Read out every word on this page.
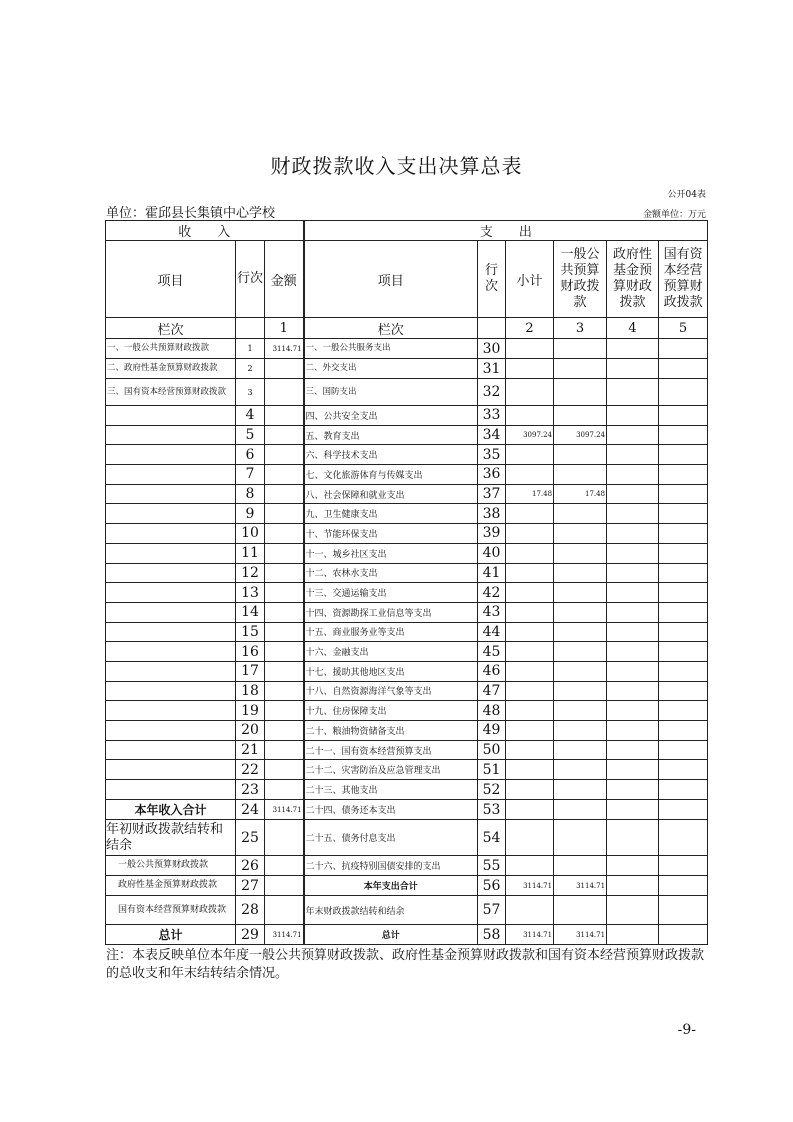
财政拨款收入支出决算总表
公开04表
单位：霍邱县长集镇中心学校	金额单位：万元
收　　入			支　　出					
项目	行次	金额	项目	行次	小计	一般公共预算财政拨款	政府性基金预算财政拨款	国有资本经营预算财政拨款
栏次		1	栏次		2	3	4	5
一、一般公共预算财政拨款	1	3114.71	一、一般公共服务支出	30				
二、政府性基金预算财政拨款	2		二、外交支出	31				
三、国有资本经营预算财政拨款	3		三、国防支出	32				
	4		四、公共安全支出	33				
	5		五、教育支出	34	3097.24	3097.24		
	6		六、科学技术支出	35				
	7		七、文化旅游体育与传媒支出	36				
	8		八、社会保障和就业支出	37	17.48	17.48		
	9		九、卫生健康支出	38				
	10		十、节能环保支出	39				
	11		十一、城乡社区支出	40				
	12		十二、农林水支出	41				
	13		十三、交通运输支出	42				
	14		十四、资源勘探工业信息等支出	43				
	15		十五、商业服务业等支出	44				
	16		十六、金融支出	45				
	17		十七、援助其他地区支出	46				
	18		十八、自然资源海洋气象等支出	47				
	19		十九、住房保障支出	48				
	20		二十、粮油物资储备支出	49				
	21		二十一、国有资本经营预算支出	50				
	22		二十二、灾害防治及应急管理支出	51				
	23		二十三、其他支出	52				
本年收入合计	24	3114.71	二十四、债务还本支出	53				
年初财政拨款结转和结余	25		二十五、债务付息支出	54				
一般公共预算财政拨款	26		二十六、抗疫特别国债安排的支出	55				
政府性基金预算财政拨款	27		本年支出合计	56	3114.71	3114.71		
国有资本经营预算财政拨款	28		年末财政拨款结转和结余	57				
总计	29	3114.71	总计	58	3114.71	3114.71		
注：本表反映单位本年度一般公共预算财政拨款、政府性基金预算财政拨款和国有资本经营预算财政拨款的总收支和年末结转结余情况。
-9-
